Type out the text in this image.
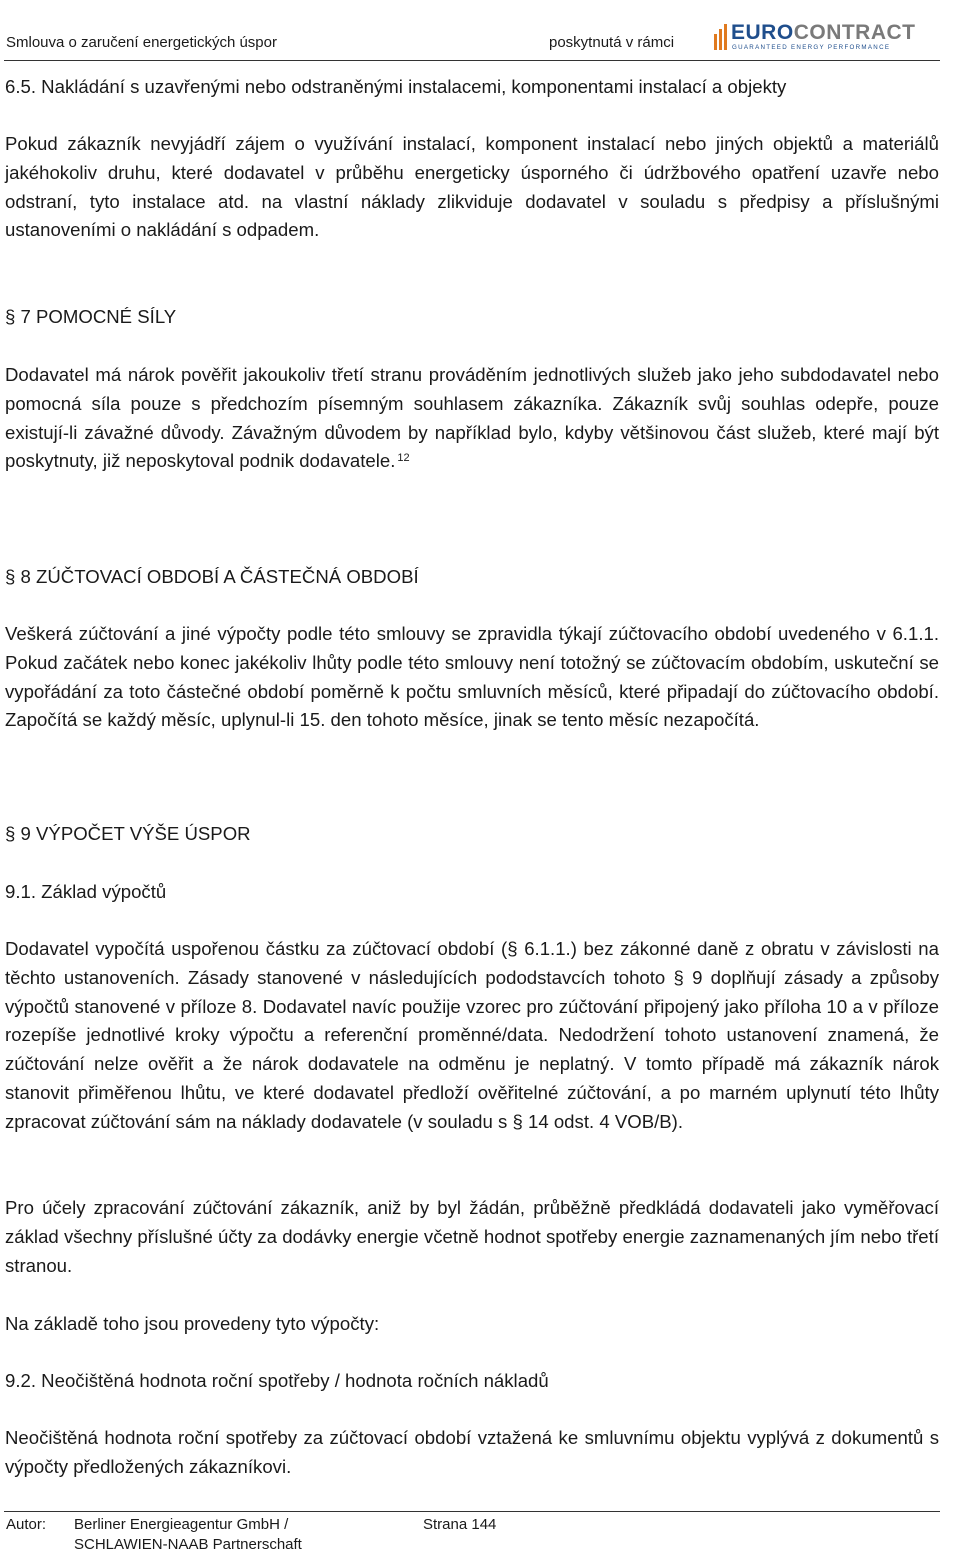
Smlouva o zaručení energetických úspor	poskytnutá v rámci	EUROCONTRACT
GUARANTEED ENERGY PERFORMANCE
6.5. Nakládání s uzavřenými nebo odstraněnými instalacemi, komponentami instalací a objekty
Pokud zákazník nevyjádří zájem o využívání instalací, komponent instalací nebo jiných objektů a materiálů jakéhokoliv druhu, které dodavatel v průběhu energeticky úsporného či údržbového opatření uzavře nebo odstraní, tyto instalace atd. na vlastní náklady zlikviduje dodavatel v souladu s předpisy a příslušnými ustanoveními o nakládání s odpadem.
§ 7 POMOCNÉ SÍLY
Dodavatel má nárok pověřit jakoukoliv třetí stranu prováděním jednotlivých služeb jako jeho subdodavatel nebo pomocná síla pouze s předchozím písemným souhlasem zákazníka. Zákazník svůj souhlas odepře, pouze existují-li závažné důvody. Závažným důvodem by například bylo, kdyby většinovou část služeb, které mají být poskytnuty, již neposkytoval podnik dodavatele. $^{12}$
§ 8 ZÚČTOVACÍ OBDOBÍ A ČÁSTEČNÁ OBDOBÍ
Veškerá zúčtování a jiné výpočty podle této smlouvy se zpravidla týkají zúčtovacího období uvedeného v 6.1.1. Pokud začátek nebo konec jakékoliv lhůty podle této smlouvy není totožný se zúčtovacím obdobím, uskuteční se vypořádání za toto částečné období poměrně k počtu smluvních měsíců, které připadají do zúčtovacího období. Započítá se každý měsíc, uplynul-li 15. den tohoto měsíce, jinak se tento měsíc nezapočítá.
§ 9 VÝPOČET VÝŠE ÚSPOR
9.1. Základ výpočtů
Dodavatel vypočítá uspořenou částku za zúčtovací období (§ 6.1.1.) bez zákonné daně z obratu v závislosti na těchto ustanoveních. Zásady stanovené v následujících pododstavcích tohoto § 9 doplňují zásady a způsoby výpočtů stanovené v příloze 8. Dodavatel navíc použije vzorec pro zúčtování připojený jako příloha 10 a v příloze rozepíše jednotlivé kroky výpočtu a referenční proměnné/data. Nedodržení tohoto ustanovení znamená, že zúčtování nelze ověřit a že nárok dodavatele na odměnu je neplatný. V tomto případě má zákazník nárok stanovit přiměřenou lhůtu, ve které dodavatel předloží ověřitelné zúčtování, a po marném uplynutí této lhůty zpracovat zúčtování sám na náklady dodavatele (v souladu s § 14 odst. 4 VOB/B).
Pro účely zpracování zúčtování zákazník, aniž by byl žádán, průběžně předkládá dodavateli jako vyměřovací základ všechny příslušné účty za dodávky energie včetně hodnot spotřeby energie zaznamenaných jím nebo třetí stranou.
Na základě toho jsou provedeny tyto výpočty:
9.2. Neočištěná hodnota roční spotřeby / hodnota ročních nákladů
Neočištěná hodnota roční spotřeby za zúčtovací období vztažená ke smluvnímu objektu vyplývá z dokumentů s výpočty předložených zákazníkovi.
Autor: Berliner Energieagentur GmbH /
SCHLAWIEN-NAAB Partnerschaft
Strana 144
